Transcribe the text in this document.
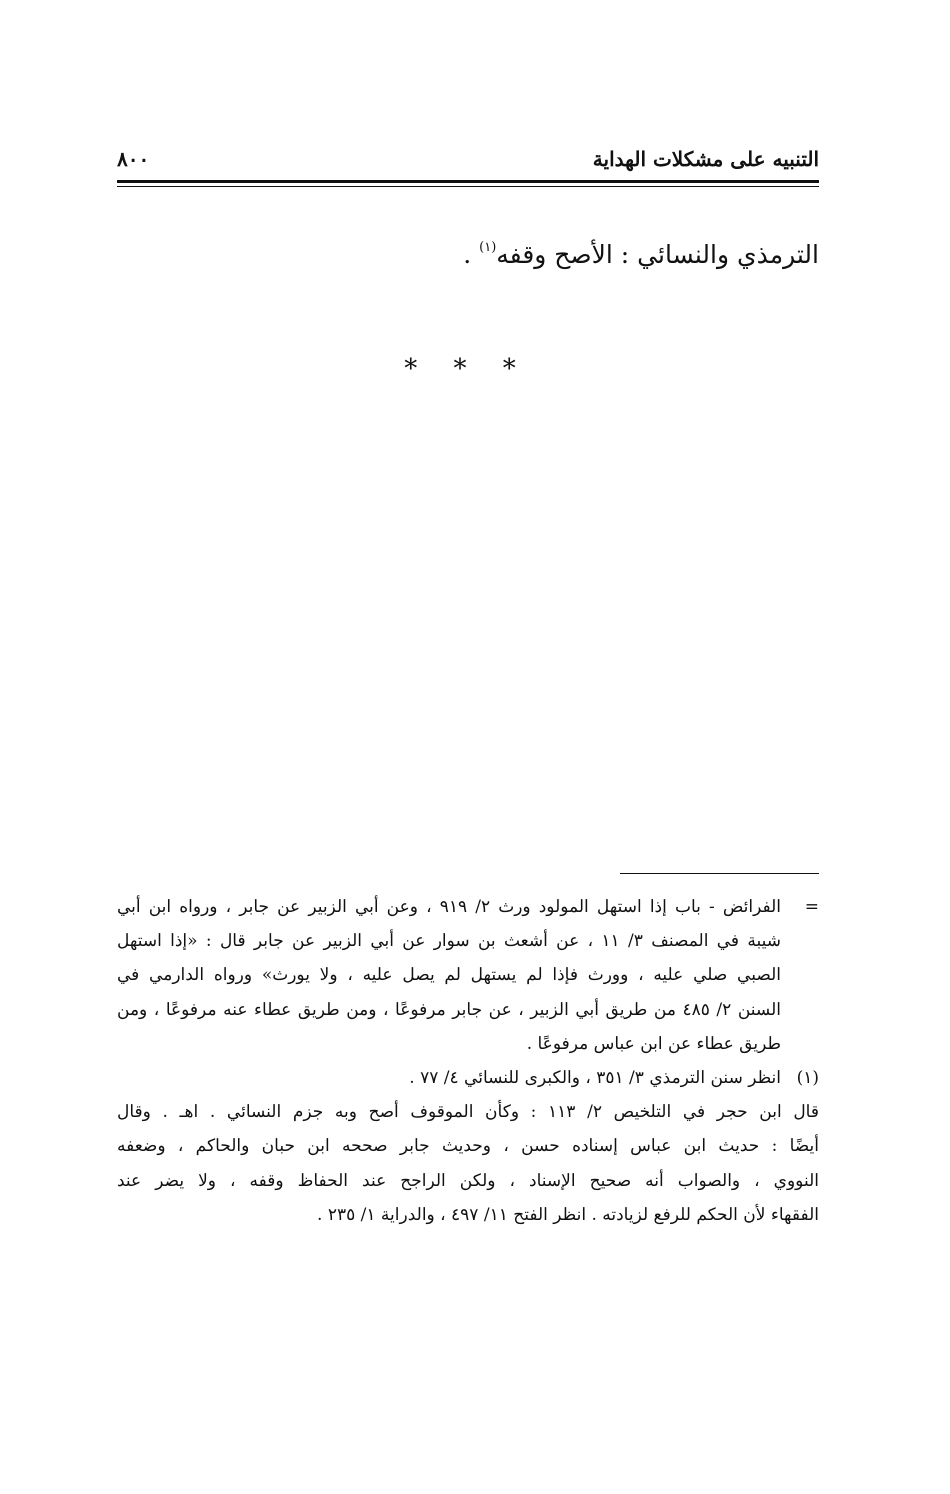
التنبيه على مشكلات الهداية
٨٠٠
الترمذي والنسائي : الأصح وقفه$^{(١)}$ .
* * *
=
الفرائض - باب إذا استهل المولود ورث ٢/ ٩١٩ ، وعن أبي الزبير عن جابر ، ورواه ابن أبي
شيبة في المصنف ٣/ ١١ ، عن أشعث بن سوار عن أبي الزبير عن جابر قال : «إذا استهل
الصبي صلي عليه ، وورث فإذا لم يستهل لم يصل عليه ، ولا يورث» ورواه الدارمي في
السنن ٢/ ٤٨٥ من طريق أبي الزبير ، عن جابر مرفوعًا ، ومن طريق عطاء عنه مرفوعًا ، ومن
طريق عطاء عن ابن عباس مرفوعًا .
(١)
انظر سنن الترمذي ٣/ ٣٥١ ، والكبرى للنسائي ٤/ ٧٧ .
قال ابن حجر في التلخيص ٢/ ١١٣ : وكأن الموقوف أصح وبه جزم النسائي . اهـ . وقال
أيضًا : حديث ابن عباس إسناده حسن ، وحديث جابر صححه ابن حبان والحاكم ، وضعفه
النووي ، والصواب أنه صحيح الإسناد ، ولكن الراجح عند الحفاظ وقفه ، ولا يضر عند
الفقهاء لأن الحكم للرفع لزيادته . انظر الفتح ١١/ ٤٩٧ ، والدراية ١/ ٢٣٥ .
